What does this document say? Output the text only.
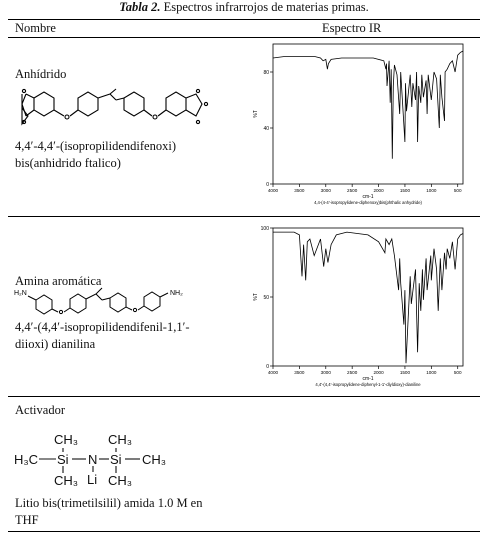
Tabla 2. Espectros infrarrojos de materias primas.
Nombre	Espectro IR
Anhídrido
4,4′-4,4′-(isopropilidendifenoxi)
bis(anhidrido ftalico)
0
40
80
4000	3500	3000	2500	2000	1500	1000	500
%T
cm-1
4,4-(4-4'-isopropylidene-diphenoxy)bis(phthalic anhydride)
Amina aromática
H₂N	NH₂
4,4′-(4,4′-isopropilidendifenil-1,1′-
diioxi) dianilina
0
50
100
4000	3500	3000	2500	2000	1500	1000	500
%T
cm-1
4,4'-(4,4'-isopropylidene-diphenyl-1-1'-diyldioxy)-dianiline
Activador
CH₃ CH₃
H₃C Si N Si CH₃
Li
CH₃ CH₃
Litio bis(trimetilsilil) amida 1.0 M en
THF
